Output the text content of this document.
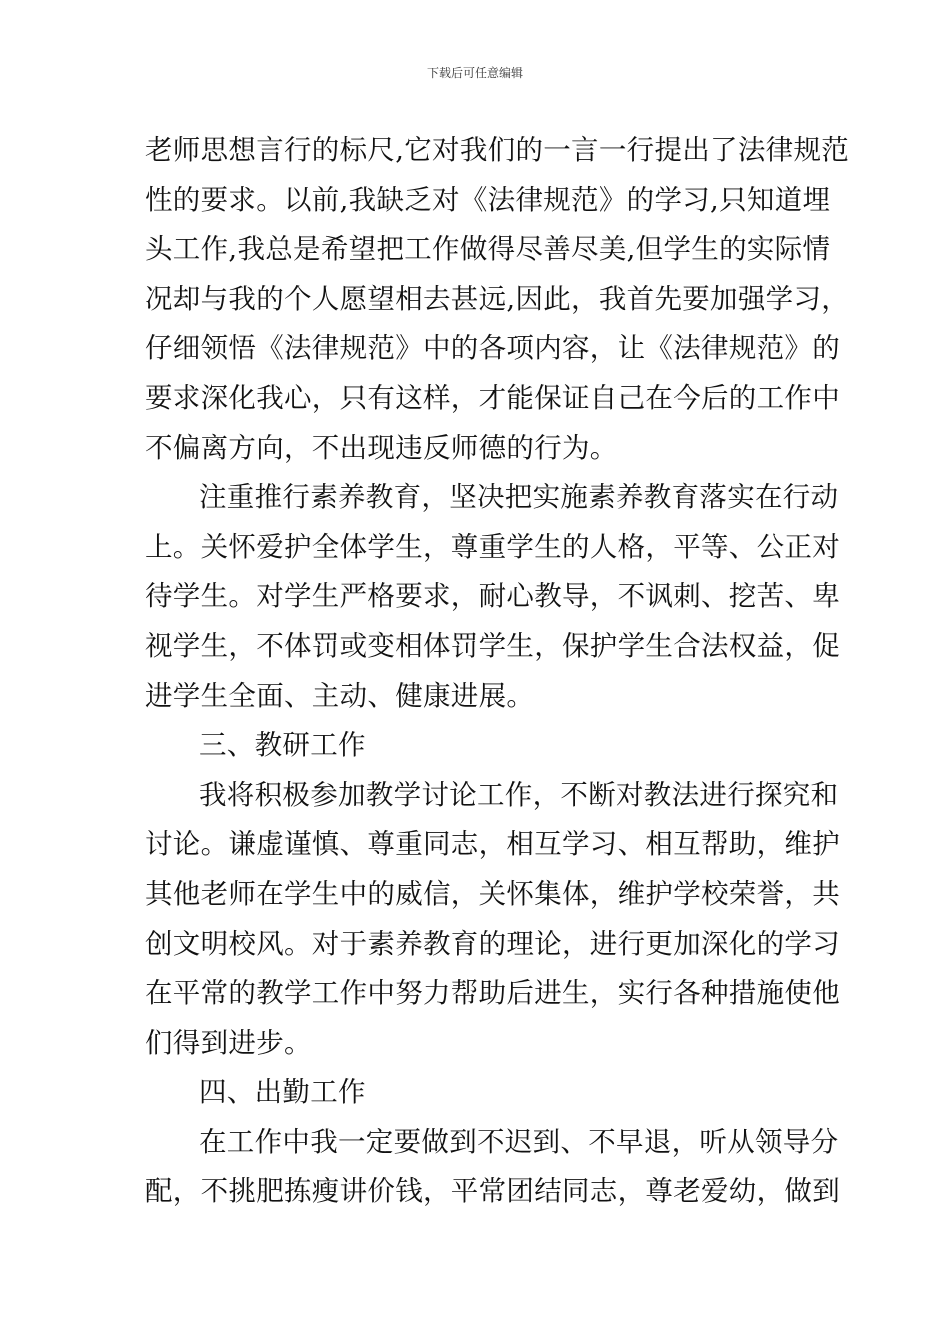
下载后可任意编辑
老师思想言行的标尺,它对我们的一言一行提出了法律规范
性的要求。以前,我缺乏对《法律规范》的学习,只知道埋
头工作,我总是希望把工作做得尽善尽美,但学生的实际情
况却与我的个人愿望相去甚远,因此，我首先要加强学习，
仔细领悟《法律规范》中的各项内容，让《法律规范》的
要求深化我心，只有这样，才能保证自己在今后的工作中
不偏离方向，不出现违反师德的行为。
注重推行素养教育，坚决把实施素养教育落实在行动
上。关怀爱护全体学生，尊重学生的人格，平等、公正对
待学生。对学生严格要求，耐心教导，不讽刺、挖苦、卑
视学生，不体罚或变相体罚学生，保护学生合法权益，促
进学生全面、主动、健康进展。
三、教研工作
我将积极参加教学讨论工作，不断对教法进行探究和
讨论。谦虚谨慎、尊重同志，相互学习、相互帮助，维护
其他老师在学生中的威信，关怀集体，维护学校荣誉，共
创文明校风。对于素养教育的理论，进行更加深化的学习
在平常的教学工作中努力帮助后进生，实行各种措施使他
们得到进步。
四、出勤工作
在工作中我一定要做到不迟到、不早退，听从领导分
配，不挑肥拣瘦讲价钱，平常团结同志，尊老爱幼，做到
